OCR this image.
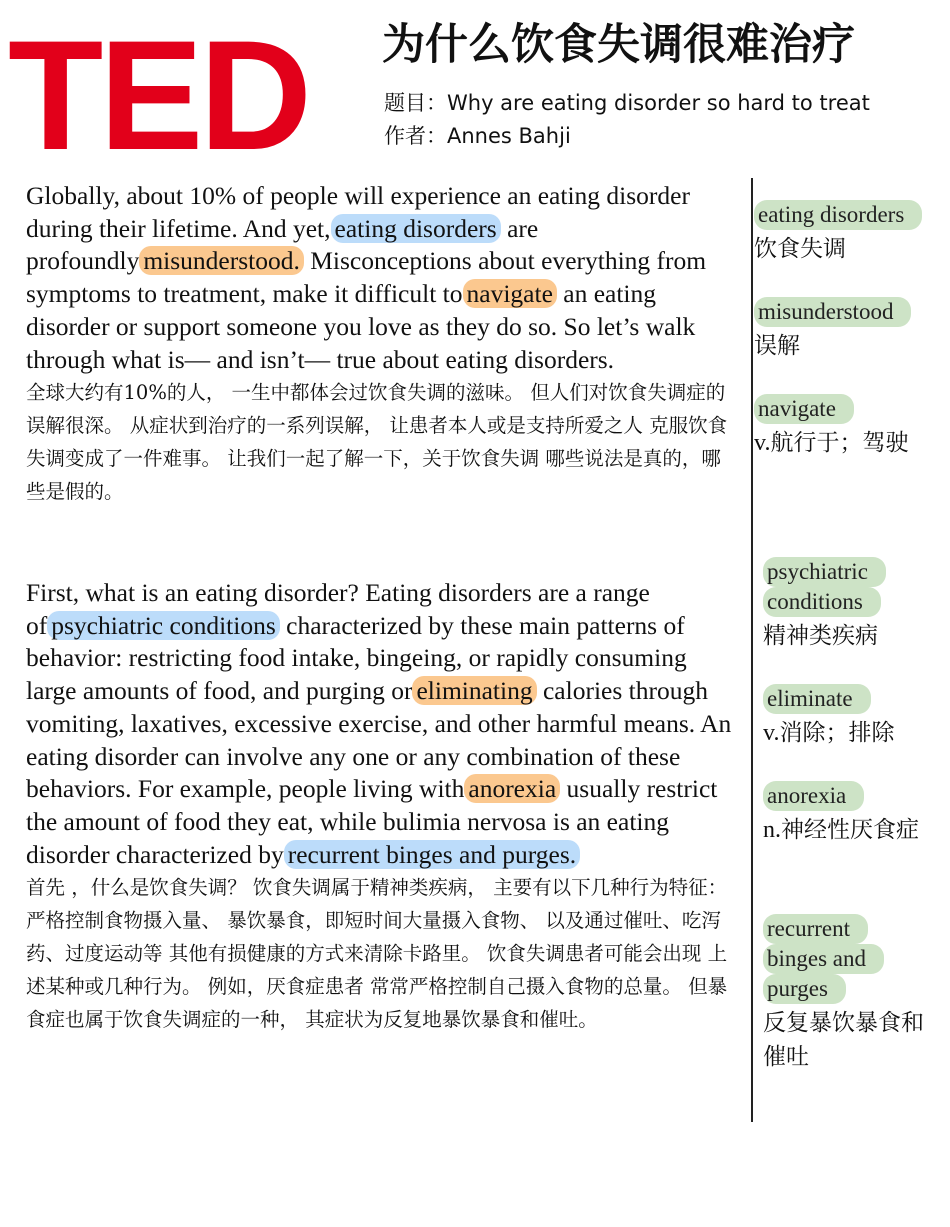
TED 为什么饮食失调很难治疗
题目：Why are eating disorder so hard to treat
作者：Annes Bahji

Globally, about 10% of people will experience an eating disorder during their lifetime. And yet, eating disorders are profoundly misunderstood. Misconceptions about everything from symptoms to treatment, make it difficult to navigate an eating disorder or support someone you love as they do so. So let’s walk through what is— and isn’t— true about eating disorders.

全球大约有10%的人， 一生中都体会过饮食失调的滋味。 但人们对饮食失调症的误解很深。 从症状到治疗的一系列误解， 让患者本人或是支持所爱之人 克服饮食失调变成了一件难事。 让我们一起了解一下，关于饮食失调 哪些说法是真的，哪些是假的。

First, what is an eating disorder? Eating disorders are a range of psychiatric conditions characterized by these main patterns of behavior: restricting food intake, bingeing, or rapidly consuming large amounts of food, and purging or eliminating calories through vomiting, laxatives, excessive exercise, and other harmful means. An eating disorder can involve any one or any combination of these behaviors. For example, people living with anorexia usually restrict the amount of food they eat, while bulimia nervosa is an eating disorder characterized by recurrent binges and purges.

首先 ，什么是饮食失调？ 饮食失调属于精神类疾病， 主要有以下几种行为特征： 严格控制食物摄入量、 暴饮暴食，即短时间大量摄入食物、 以及通过催吐、吃泻药、过度运动等 其他有损健康的方式来清除卡路里。 饮食失调患者可能会出现 上述某种或几种行为。 例如，厌食症患者 常常严格控制自己摄入食物的总量。 但暴食症也属于饮食失调症的一种， 其症状为反复地暴饮暴食和催吐。

eating disorders
饮食失调
misunderstood
误解
navigate
v.航行于；驾驶
psychiatric
conditions
精神类疾病
eliminate
v.消除；排除
anorexia
n.神经性厌食症
recurrent
binges and
purges
反复暴饮暴食和催吐
